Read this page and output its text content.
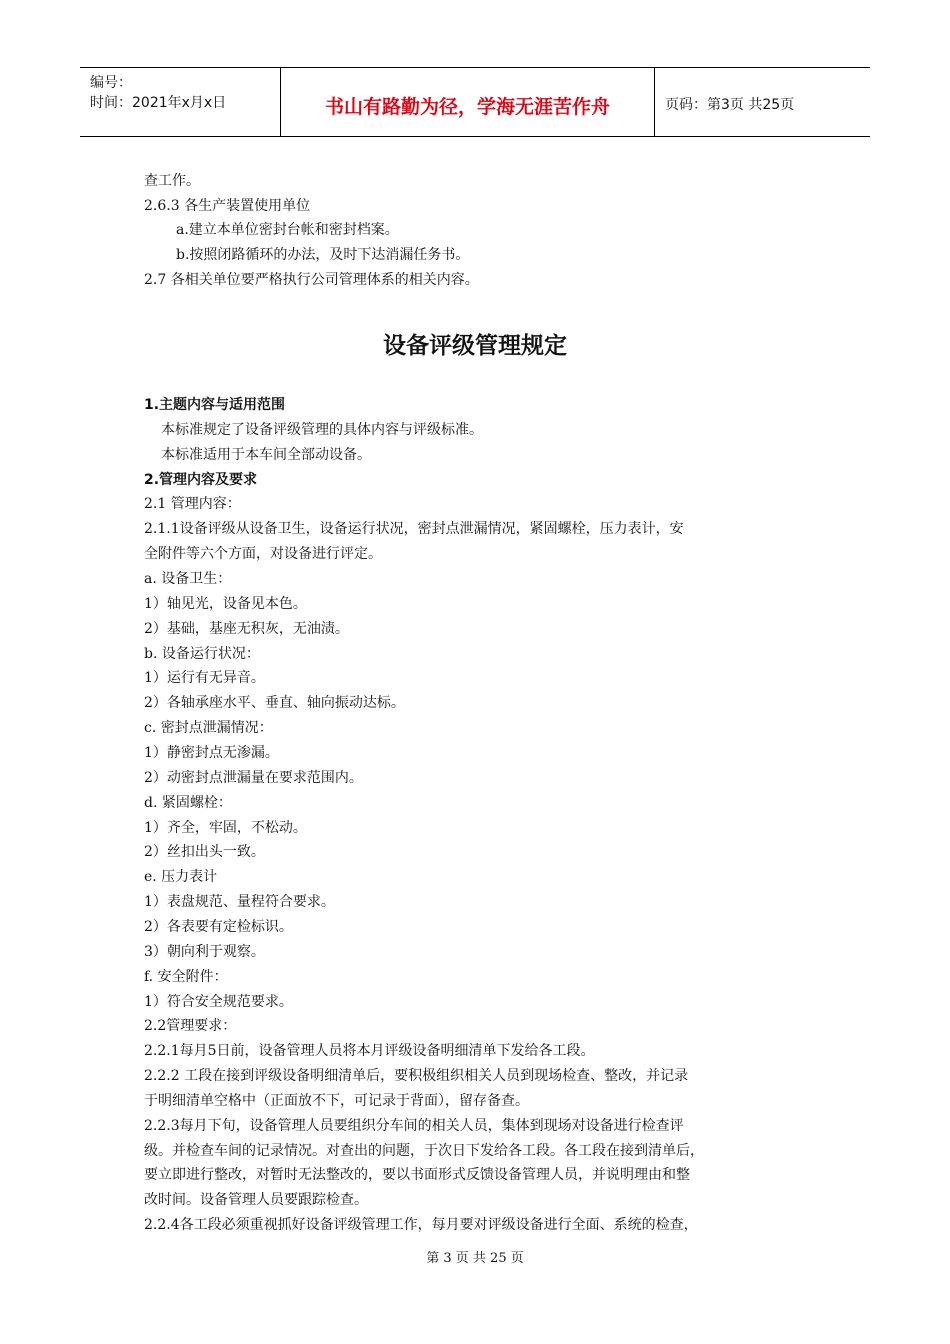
编号：
时间：2021年x月x日	书山有路勤为径，学海无涯苦作舟	页码：第3页 共25页
查工作。
2.6.3 各生产装置使用单位
a.建立本单位密封台帐和密封档案。
b.按照闭路循环的办法，及时下达消漏任务书。
2.7 各相关单位要严格执行公司管理体系的相关内容。
设备评级管理规定
1.主题内容与适用范围
本标准规定了设备评级管理的具体内容与评级标准。
本标准适用于本车间全部动设备。
2.管理内容及要求
2.1 管理内容：
2.1.1设备评级从设备卫生，设备运行状况，密封点泄漏情况，紧固螺栓，压力表计，安
全附件等六个方面，对设备进行评定。
a. 设备卫生：
1）轴见光，设备见本色。
2）基础，基座无积灰，无油渍。
b. 设备运行状况：
1）运行有无异音。
2）各轴承座水平、垂直、轴向振动达标。
c. 密封点泄漏情况：
1）静密封点无渗漏。
2）动密封点泄漏量在要求范围内。
d. 紧固螺栓：
1）齐全，牢固，不松动。
2）丝扣出头一致。
e. 压力表计
1）表盘规范、量程符合要求。
2）各表要有定检标识。
3）朝向利于观察。
f. 安全附件：
1）符合安全规范要求。
2.2管理要求：
2.2.1每月5日前，设备管理人员将本月评级设备明细清单下发给各工段。
2.2.2 工段在接到评级设备明细清单后，要积极组织相关人员到现场检查、整改，并记录
于明细清单空格中（正面放不下，可记录于背面），留存备查。
2.2.3每月下旬，设备管理人员要组织分车间的相关人员，集体到现场对设备进行检查评
级。并检查车间的记录情况。对查出的问题，于次日下发给各工段。各工段在接到清单后，
要立即进行整改，对暂时无法整改的，要以书面形式反馈设备管理人员，并说明理由和整
改时间。设备管理人员要跟踪检查。
2.2.4各工段必须重视抓好设备评级管理工作，每月要对评级设备进行全面、系统的检查，
第 3 页 共 25 页
